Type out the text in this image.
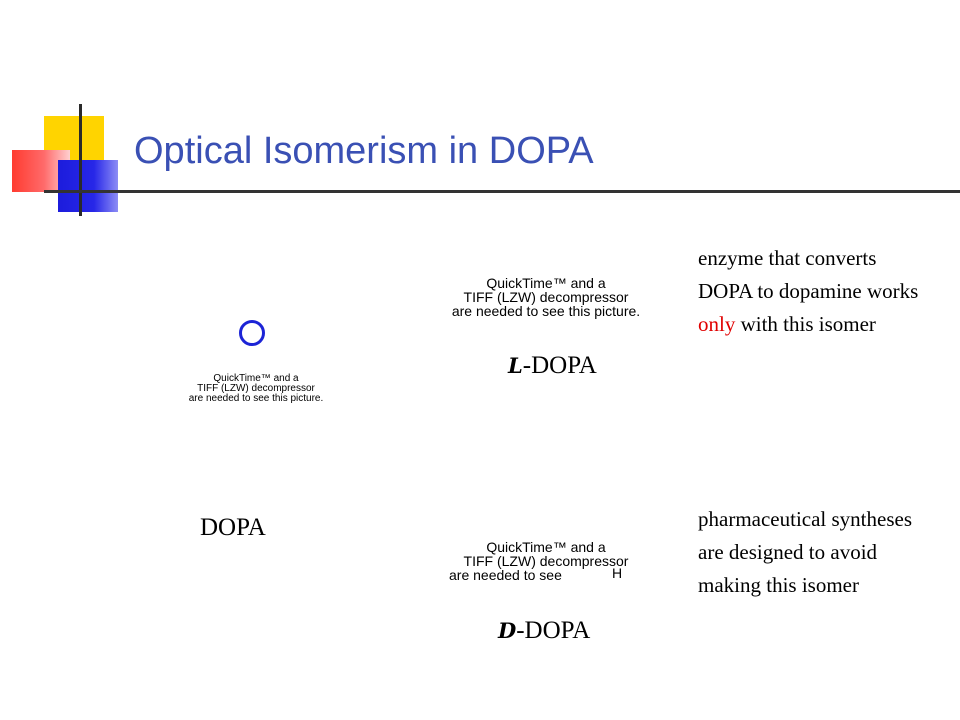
Optical Isomerism in DOPA
QuickTime™ and a
TIFF (LZW) decompressor
are needed to see this picture.
DOPA
QuickTime™ and a
TIFF (LZW) decompressor
are needed to see this picture.
L-DOPA
enzyme that converts DOPA to dopamine works only with this isomer
QuickTime™ and a
TIFF (LZW) decompressor
are needed to see	H
D-DOPA
pharmaceutical syntheses are designed to avoid making this isomer
